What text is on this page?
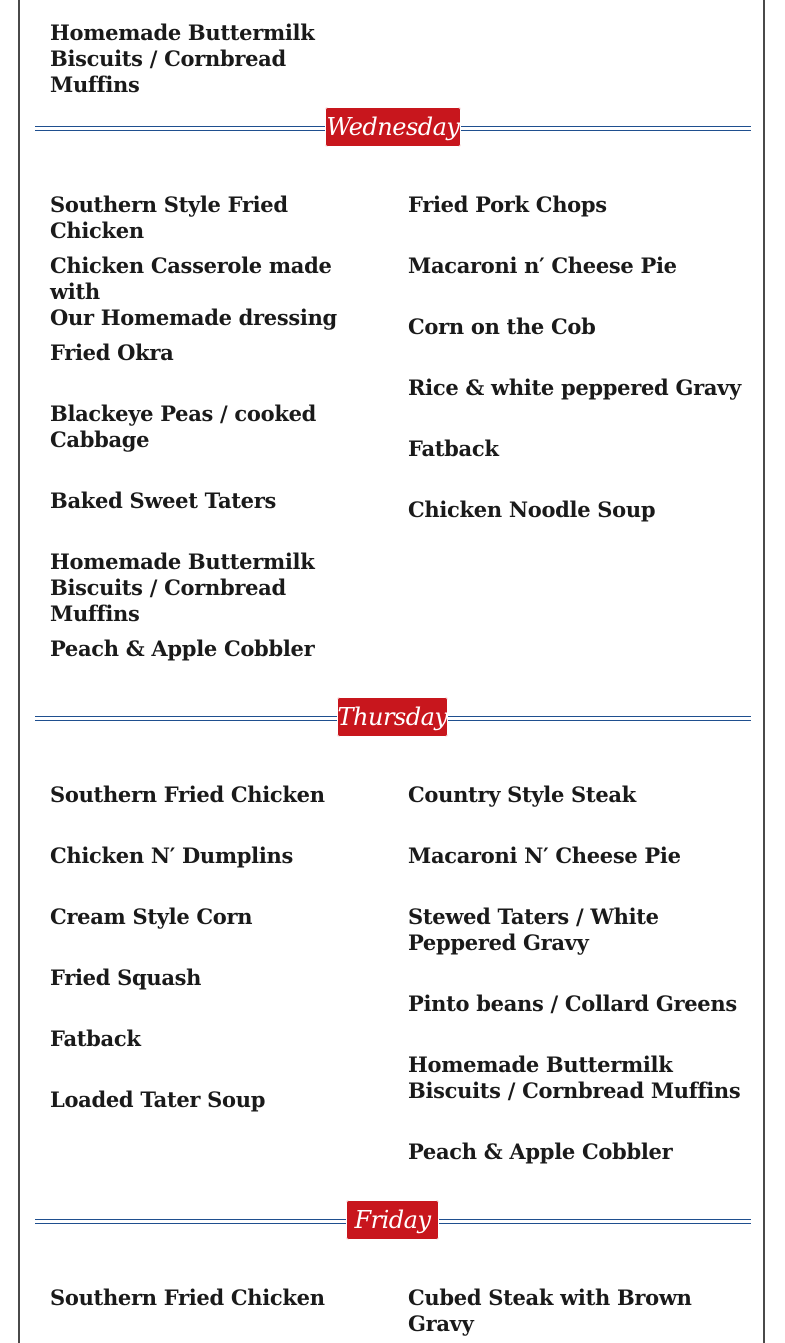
Homemade Buttermilk
Biscuits / Cornbread Muffins
Wednesday
Southern Style Fried Chicken
Chicken Casserole made with
Our Homemade dressing
Fried Okra
Blackeye Peas / cooked
Cabbage
Baked Sweet Taters
Homemade Buttermilk
Biscuits / Cornbread Muffins
Peach & Apple Cobbler
Fried Pork Chops
Macaroni n′ Cheese Pie
Corn on the Cob
Rice & white peppered Gravy
Fatback
Chicken Noodle Soup
Thursday
Southern Fried Chicken
Chicken N′ Dumplins
Cream Style Corn
Fried Squash
Fatback
Loaded Tater Soup
Country Style Steak
Macaroni N′ Cheese Pie
Stewed Taters / White
Peppered Gravy
Pinto beans / Collard Greens
Homemade Buttermilk
Biscuits / Cornbread Muffins
Peach & Apple Cobbler
Friday
Southern Fried Chicken	Cubed Steak with Brown
Gravy
